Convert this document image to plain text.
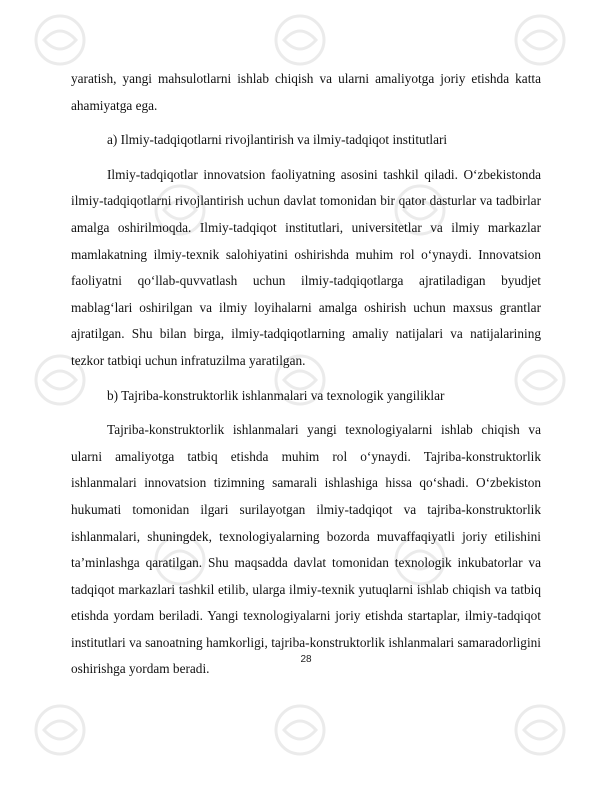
yaratish, yangi mahsulotlarni ishlab chiqish va ularni amaliyotga joriy etishda katta ahamiyatga ega.

a) Ilmiy-tadqiqotlarni rivojlantirish va ilmiy-tadqiqot institutlari

Ilmiy-tadqiqotlar innovatsion faoliyatning asosini tashkil qiladi. O‘zbekistonda ilmiy-tadqiqotlarni rivojlantirish uchun davlat tomonidan bir qator dasturlar va tadbirlar amalga oshirilmoqda. Ilmiy-tadqiqot institutlari, universitetlar va ilmiy markazlar mamlakatning ilmiy-texnik salohiyatini oshirishda muhim rol o‘ynaydi. Innovatsion faoliyatni qo‘llab-quvvatlash uchun ilmiy-tadqiqotlarga ajratiladigan byudjet mablag‘lari oshirilgan va ilmiy loyihalarni amalga oshirish uchun maxsus grantlar ajratilgan. Shu bilan birga, ilmiy-tadqiqotlarning amaliy natijalari va natijalarining tezkor tatbiqi uchun infratuzilma yaratilgan.

b) Tajriba-konstruktorlik ishlanmalari va texnologik yangiliklar

Tajriba-konstruktorlik ishlanmalari yangi texnologiyalarni ishlab chiqish va ularni amaliyotga tatbiq etishda muhim rol o‘ynaydi. Tajriba-konstruktorlik ishlanmalari innovatsion tizimning samarali ishlashiga hissa qo‘shadi. O‘zbekiston hukumati tomonidan ilgari surilayotgan ilmiy-tadqiqot va tajriba-konstruktorlik ishlanmalari, shuningdek, texnologiyalarning bozorda muvaffaqiyatli joriy etilishini ta’minlashga qaratilgan. Shu maqsadda davlat tomonidan texnologik inkubatorlar va tadqiqot markazlari tashkil etilib, ularga ilmiy-texnik yutuqlarni ishlab chiqish va tatbiq etishda yordam beriladi. Yangi texnologiyalarni joriy etishda startaplar, ilmiy-tadqiqot institutlari va sanoatning hamkorligi, tajriba-konstruktorlik ishlanmalari samaradorligini oshirishga yordam beradi.

28
